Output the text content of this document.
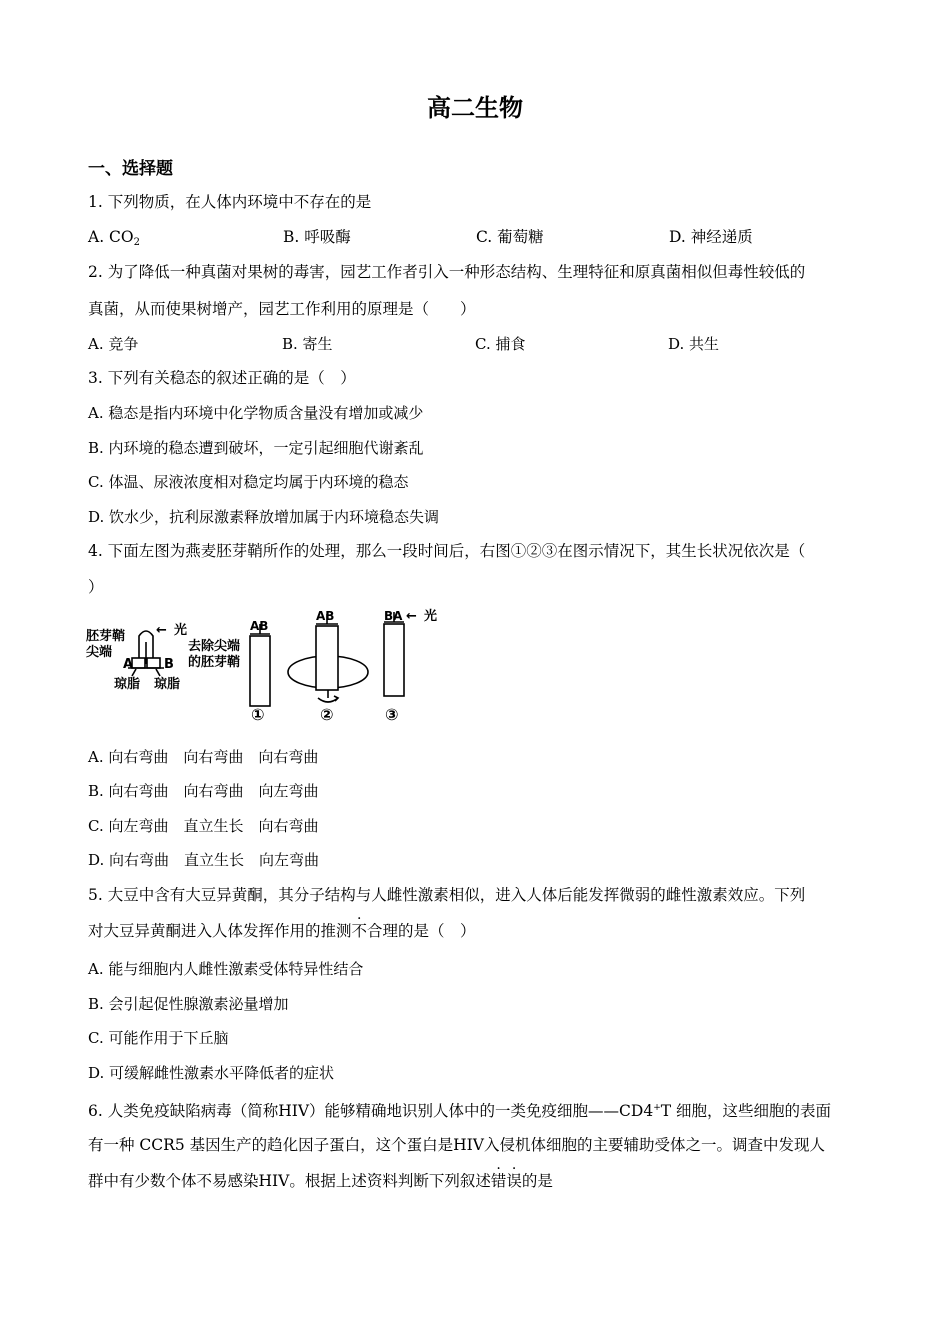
高二生物
一、选择题
1. 下列物质，在人体内环境中不存在的是
A. $CO_2$	B. 呼吸酶	C. 葡萄糖	D. 神经递质
2. 为了降低一种真菌对果树的毒害，园艺工作者引入一种形态结构、生理特征和原真菌相似但毒性较低的
真菌，从而使果树增产，园艺工作利用的原理是（　　）
A. 竞争	B. 寄生	C. 捕食	D. 共生
3. 下列有关稳态的叙述正确的是（　）
A. 稳态是指内环境中化学物质含量没有增加或减少
B. 内环境的稳态遭到破坏，一定引起细胞代谢紊乱
C. 体温、尿液浓度相对稳定均属于内环境的稳态
D. 饮水少，抗利尿激素释放增加属于内环境稳态失调
4. 下面左图为燕麦胚芽鞘所作的处理，那么一段时间后，右图①②③在图示情况下，其生长状况依次是（
）
胚芽鞘
尖端
← 光
A B
琼脂 琼脂
去除尖端
的胚芽鞘
AB
AB	BA ← 光
①	②	③
A. 向右弯曲　向右弯曲　向右弯曲
B. 向右弯曲　向右弯曲　向左弯曲
C. 向左弯曲　直立生长　向右弯曲
D. 向右弯曲　直立生长　向左弯曲
5. 大豆中含有大豆异黄酮，其分子结构与人雌性激素相似，进入人体后能发挥微弱的雌性激素效应。下列
对大豆异黄酮进入人体发挥作用的推测不合理的是（　）
A. 能与细胞内人雌性激素受体特异性结合
B. 会引起促性腺激素泌量增加
C. 可能作用于下丘脑
D. 可缓解雌性激素水平降低者的症状
6. 人类免疫缺陷病毒（简称HIV）能够精确地识别人体中的一类免疫细胞——CD4+T 细胞，这些细胞的表面
有一种 CCR5 基因生产的趋化因子蛋白，这个蛋白是HIV入侵机体细胞的主要辅助受体之一。调查中发现人
群中有少数个体不易感染HIV。根据上述资料判断下列叙述错误的是
